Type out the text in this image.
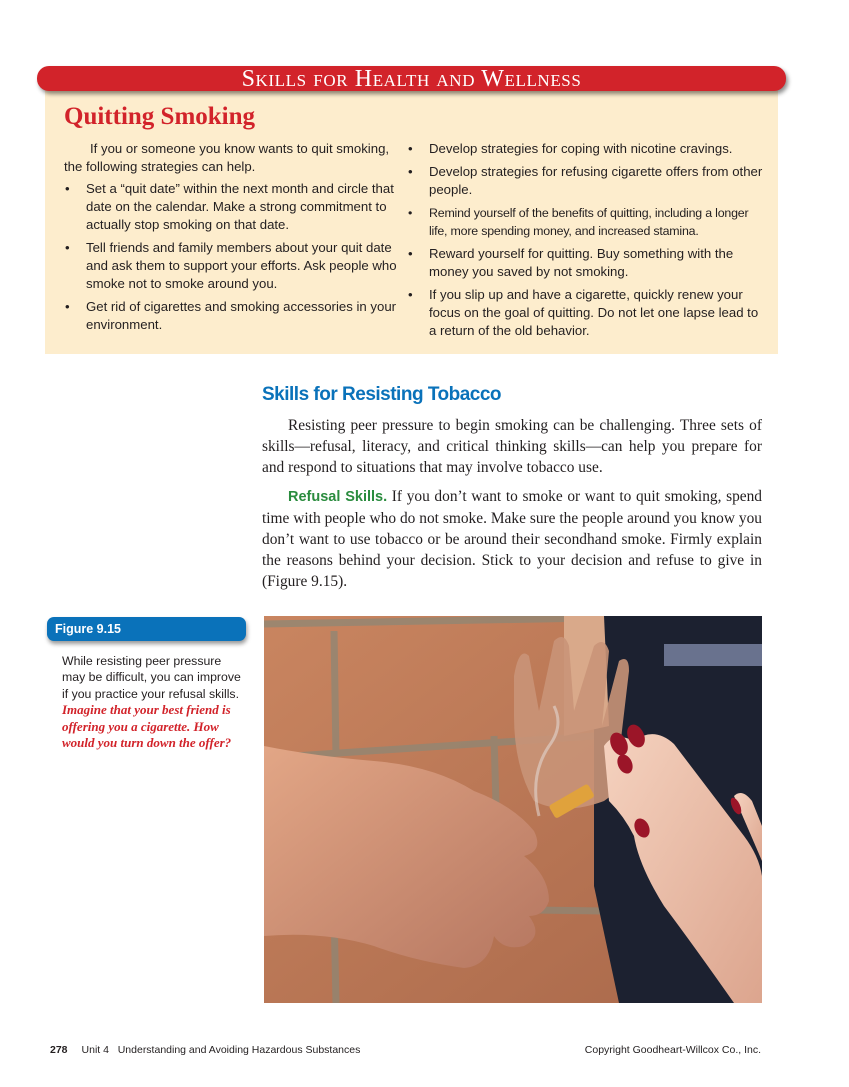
Skills for Health and Wellness
Quitting Smoking

If you or someone you know wants to quit smoking, the following strategies can help.

• Set a “quit date” within the next month and circle that date on the calendar. Make a strong commitment to actually stop smoking on that date.
• Tell friends and family members about your quit date and ask them to support your efforts. Ask people who smoke not to smoke around you.
• Get rid of cigarettes and smoking accessories in your environment.
• Develop strategies for coping with nicotine cravings.
• Develop strategies for refusing cigarette offers from other people.
• Remind yourself of the benefits of quitting, including a longer life, more spending money, and increased stamina.
• Reward yourself for quitting. Buy something with the money you saved by not smoking.
• If you slip up and have a cigarette, quickly renew your focus on the goal of quitting. Do not let one lapse lead to a return of the old behavior.
Skills for Resisting Tobacco

Resisting peer pressure to begin smoking can be challenging. Three sets of skills—refusal, literacy, and critical thinking skills—can help you prepare for and respond to situations that may involve tobacco use.

Refusal Skills. If you don’t want to smoke or want to quit smoking, spend time with people who do not smoke. Make sure the people around you know you don’t want to use tobacco or be around their secondhand smoke. Firmly explain the reasons behind your decision. Stick to your decision and refuse to give in (Figure 9.15).

Figure 9.15
While resisting peer pressure may be difficult, you can improve if you practice your refusal skills. Imagine that your best friend is offering you a cigarette. How would you turn down the offer?
278 Unit 4   Understanding and Avoiding Hazardous Substances	Copyright Goodheart-Willcox Co., Inc.
